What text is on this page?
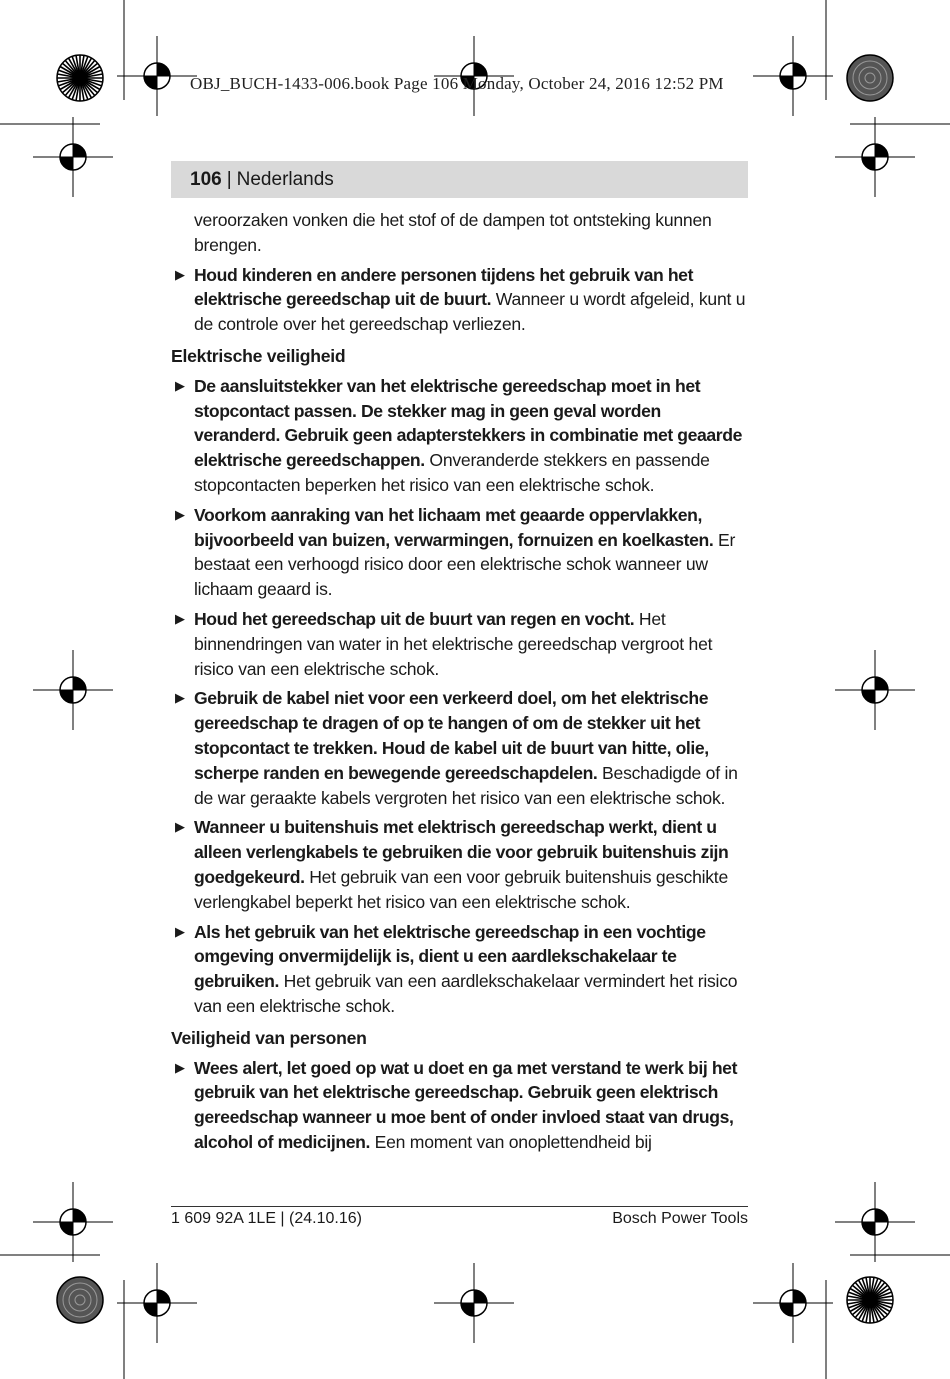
OBJ_BUCH-1433-006.book Page 106 Monday, October 24, 2016 12:52 PM
106 | Nederlands

veroorzaken vonken die het stof of de dampen tot ontsteking kunnen brengen.

▶ Houd kinderen en andere personen tijdens het gebruik van het elektrische gereedschap uit de buurt. Wanneer u wordt afgeleid, kunt u de controle over het gereedschap verliezen.
Elektrische veiligheid
▶ De aansluitstekker van het elektrische gereedschap moet in het stopcontact passen. De stekker mag in geen geval worden veranderd. Gebruik geen adapterstekkers in combinatie met geaarde elektrische gereedschappen. Onveranderde stekkers en passende stopcontacten beperken het risico van een elektrische schok.
▶ Voorkom aanraking van het lichaam met geaarde oppervlakken, bijvoorbeeld van buizen, verwarmingen, fornuizen en koelkasten. Er bestaat een verhoogd risico door een elektrische schok wanneer uw lichaam geaard is.
▶ Houd het gereedschap uit de buurt van regen en vocht. Het binnendringen van water in het elektrische gereedschap vergroot het risico van een elektrische schok.
▶ Gebruik de kabel niet voor een verkeerd doel, om het elektrische gereedschap te dragen of op te hangen of om de stekker uit het stopcontact te trekken. Houd de kabel uit de buurt van hitte, olie, scherpe randen en bewegende gereedschapdelen. Beschadigde of in de war geraakte kabels vergroten het risico van een elektrische schok.
▶ Wanneer u buitenshuis met elektrisch gereedschap werkt, dient u alleen verlengkabels te gebruiken die voor gebruik buitenshuis zijn goedgekeurd. Het gebruik van een voor gebruik buitenshuis geschikte verlengkabel beperkt het risico van een elektrische schok.
▶ Als het gebruik van het elektrische gereedschap in een vochtige omgeving onvermijdelijk is, dient u een aardlekschakelaar te gebruiken. Het gebruik van een aardlekschakelaar vermindert het risico van een elektrische schok.
Veiligheid van personen
▶ Wees alert, let goed op wat u doet en ga met verstand te werk bij het gebruik van het elektrische gereedschap. Gebruik geen elektrisch gereedschap wanneer u moe bent of onder invloed staat van drugs, alcohol of medicijnen. Een moment van onoplettendheid bij
1 609 92A 1LE | (24.10.16)	Bosch Power Tools
